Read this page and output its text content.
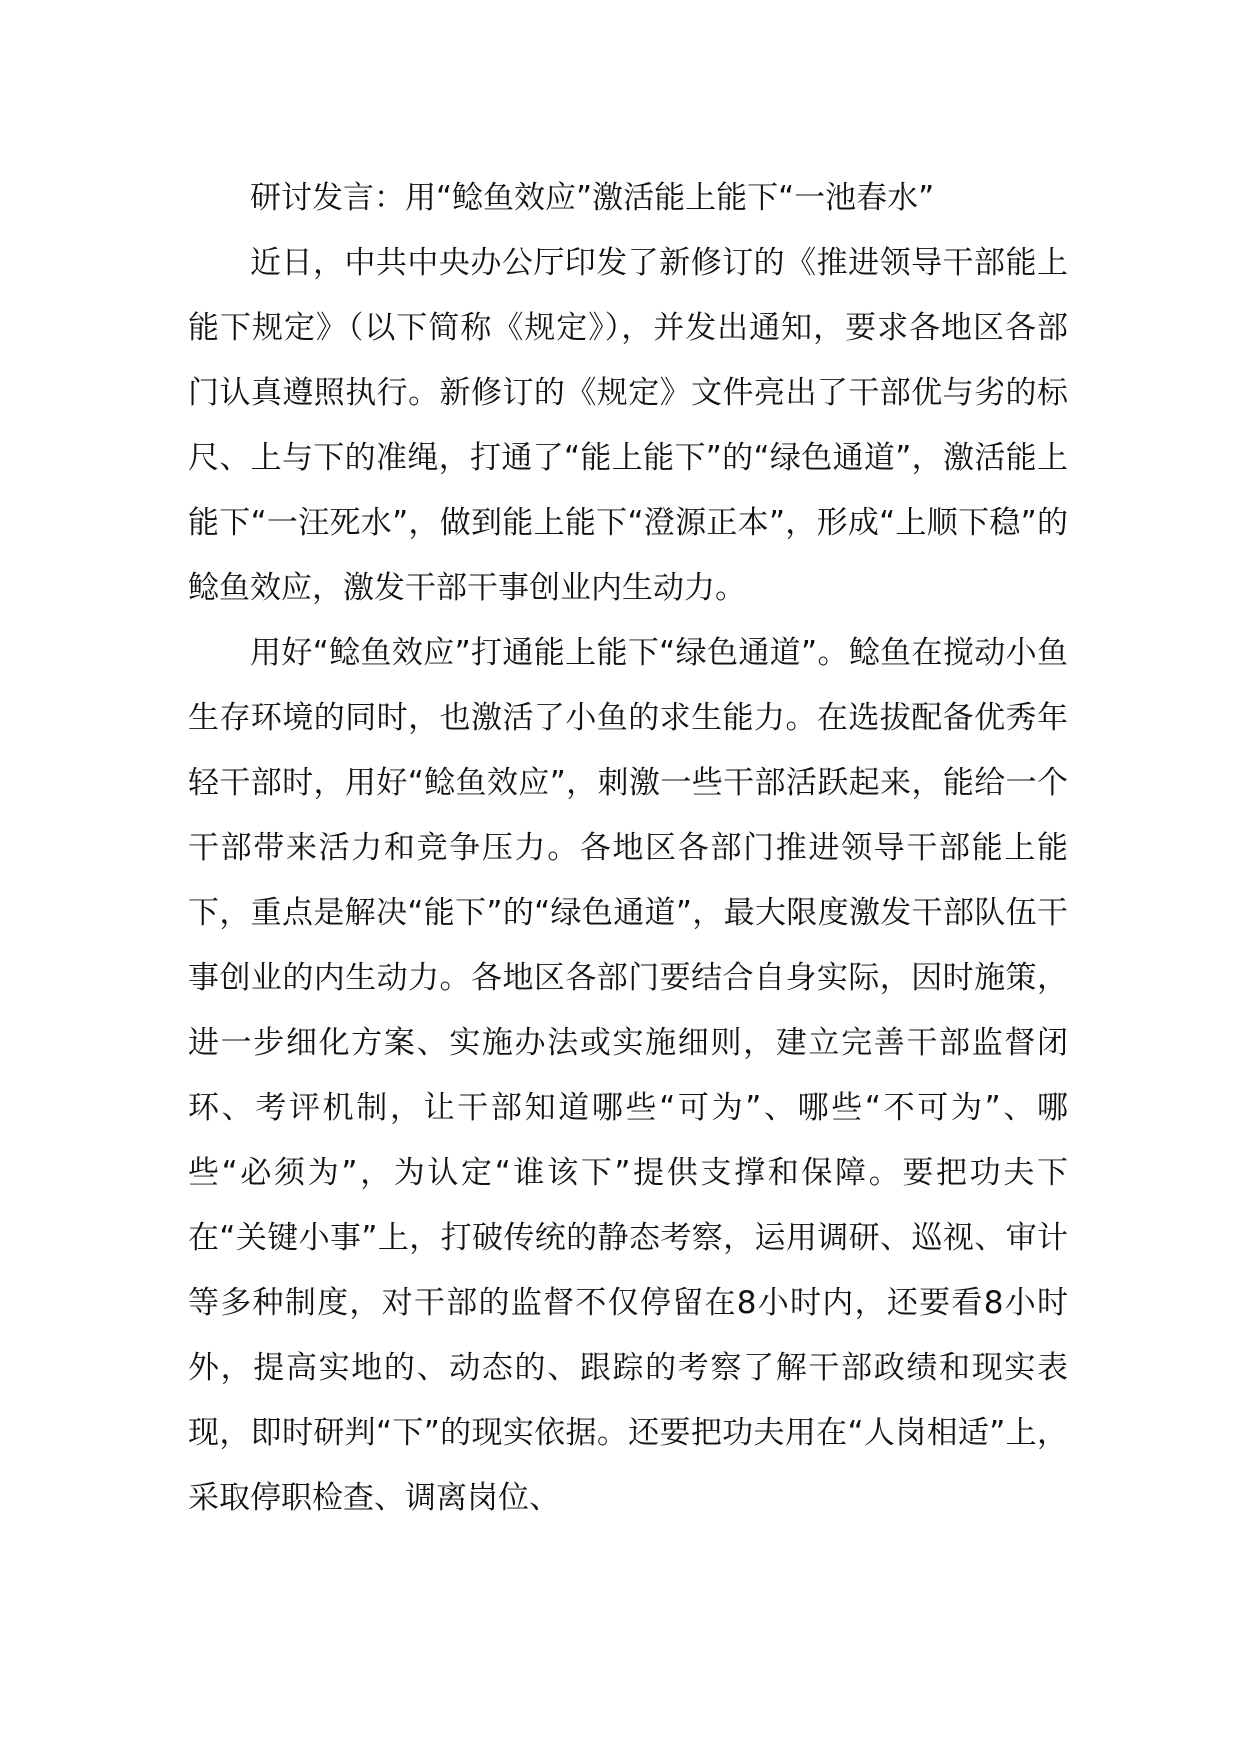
研讨发言：用“鲶鱼效应”激活能上能下“一池春水”

近日，中共中央办公厅印发了新修订的《推进领导干部能上能下规定》（以下简称《规定》），并发出通知，要求各地区各部门认真遵照执行。新修订的《规定》文件亮出了干部优与劣的标尺、上与下的准绳，打通了“能上能下”的“绿色通道”，激活能上能下“一汪死水”，做到能上能下“澄源正本”，形成“上顺下稳”的鲶鱼效应，激发干部干事创业内生动力。

用好“鲶鱼效应”打通能上能下“绿色通道”。鲶鱼在搅动小鱼生存环境的同时，也激活了小鱼的求生能力。在选拔配备优秀年轻干部时，用好“鲶鱼效应”，刺激一些干部活跃起来，能给一个干部带来活力和竞争压力。各地区各部门推进领导干部能上能下，重点是解决“能下”的“绿色通道”，最大限度激发干部队伍干事创业的内生动力。各地区各部门要结合自身实际，因时施策，进一步细化方案、实施办法或实施细则，建立完善干部监督闭环、考评机制，让干部知道哪些“可为”、哪些“不可为”、哪些“必须为”，为认定“谁该下”提供支撑和保障。要把功夫下在“关键小事”上，打破传统的静态考察，运用调研、巡视、审计等多种制度，对干部的监督不仅停留在8小时内，还要看8小时外，提高实地的、动态的、跟踪的考察了解干部政绩和现实表现，即时研判“下”的现实依据。还要把功夫用在“人岗相适”上，采取停职检查、调离岗位、
